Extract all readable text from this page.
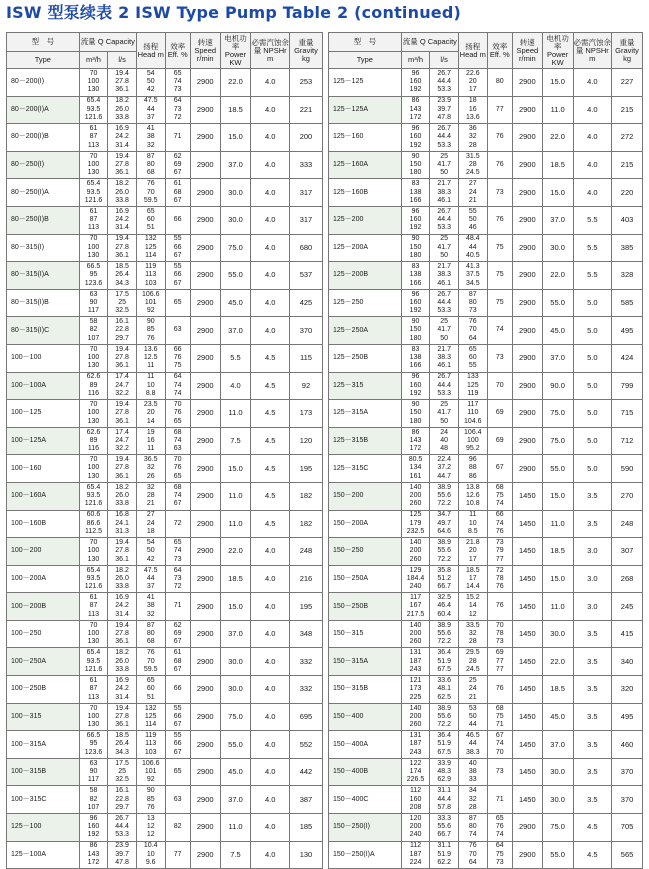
ISW 型泵续表 2 ISW Type Pump Table 2 (continued)
型　号	流量 Q Capacity		扬程 Head m	效率 Eff. %	转速 Speed r/min	电机功率 Power KW	必需汽蚀余量 NPSHr m	重量 Gravity kg
Type	m³/h	l/s						
80－200(I)	70
100
130	19.4
27.8
36.1	54
50
42	65
74
73	2900	22.0	4.0	253
80－200(I)A	65.4
93.5
121.6	18.2
26.0
33.8	47.5
44
37	64
73
72	2900	18.5	4.0	221
80－200(I)B	61
87
113	16.9
24.2
31.4	41
38
32	71	2900	15.0	4.0	200
80－250(I)	70
100
130	19.4
27.8
36.1	87
80
68	62
69
67	2900	37.0	4.0	333
80－250(I)A	65.4
93.5
121.6	18.2
26.0
33.8	76
70
59.5	61
68
67	2900	30.0	4.0	317
80－250(I)B	61
87
113	16.9
24.2
31.4	65
60
51	66	2900	30.0	4.0	317
80－315(I)	70
100
130	19.4
27.8
36.1	132
125
114	55
66
67	2900	75.0	4.0	680
80－315(I)A	66.5
95
123.6	18.5
26.4
34.3	119
113
103	55
66
67	2900	55.0	4.0	537
80－315(I)B	63
90
117	17.5
25
32.5	106.6
101
92	65	2900	45.0	4.0	425
80－315(I)C	58
82
107	16.1
22.8
29.7	90
85
76	63	2900	37.0	4.0	370
100－100	70
100
130	19.4
27.8
36.1	13.6
12.5
11	66
76
75	2900	5.5	4.5	115
100－100A	62.6
89
116	17.4
24.7
32.2	11
10
8.8	64
74
74	2900	4.0	4.5	92
100－125	70
100
130	19.4
27.8
36.1	23.5
20
14	70
76
65	2900	11.0	4.5	173
100－125A	62.6
89
116	17.4
24.7
32.2	19
16
11	68
74
63	2900	7.5	4.5	120
100－160	70
100
130	19.4
27.8
36.1	36.5
32
26	70
76
65	2900	15.0	4.5	195
100－160A	65.4
93.5
121.6	18.2
26.0
33.8	32
28
21	68
74
67	2900	11.0	4.5	182
100－160B	60.6
86.6
112.5	16.8
24.1
31.3	27
24
18	72	2900	11.0	4.5	182
100－200	70
100
130	19.4
27.8
36.1	54
50
42	65
74
73	2900	22.0	4.0	248
100－200A	65.4
93.5
121.6	18.2
26.0
33.8	47.5
44
37	64
73
72	2900	18.5	4.0	216
100－200B	61
87
113	16.9
24.2
31.4	41
38
32	71	2900	15.0	4.0	195
100－250	70
100
130	19.4
27.8
36.1	87
80
68	62
69
67	2900	37.0	4.0	348
100－250A	65.4
93.5
121.6	18.2
26.0
33.8	76
70
59.5	61
68
67	2900	30.0	4.0	332
100－250B	61
87
113	16.9
24.2
31.4	65
60
51	66	2900	30.0	4.0	332
100－315	70
100
130	19.4
27.8
36.1	132
125
114	55
66
67	2900	75.0	4.0	695
100－315A	66.5
95
123.6	18.5
26.4
34.3	119
113
103	55
66
67	2900	55.0	4.0	552
100－315B	63
90
117	17.5
25
32.5	106.6
101
92	65	2900	45.0	4.0	442
100－315C	58
82
107	16.1
22.8
29.7	90
85
76	63	2900	37.0	4.0	387
125－100	96
160
192	26.7
44.4
53.3	13
12
12	82	2900	11.0	4.0	185
125－100A	86
143
172	23.9
39.7
47.8	10.4
10
9.6	77	2900	7.5	4.0	130
型　号	流量 Q Capacity		扬程 Head m	效率 Eff. %	转速 Speed r/min	电机功率 Power KW	必需汽蚀余量 NPSHr m	重量 Gravity kg
Type	m³/h	l/s						
125－125	96
160
192	26.7
44.4
53.3	22.6
20
17	80	2900	15.0	4.0	227
125－125A	86
143
172	23.9
39.7
47.8	18
16
13.6	77	2900	11.0	4.0	215
125－160	96
160
192	26.7
44.4
53.3	36
32
28	76	2900	22.0	4.0	272
125－160A	90
150
180	25
41.7
50	31.5
28
24.5	76	2900	18.5	4.0	215
125－160B	83
138
166	21.7
38.3
46.1	27
24
21	73	2900	15.0	4.0	220
125－200	96
160
192	26.7
44.4
53.3	55
50
46	76	2900	37.0	5.5	403
125－200A	90
150
180	25
41.7
50	48.4
44
40.5	75	2900	30.0	5.5	385
125－200B	83
138
166	21.7
38.3
46.1	41.3
37.5
34.5	75	2900	22.0	5.5	328
125－250	96
160
192	26.7
44.4
53.3	87
80
73	75	2900	55.0	5.0	585
125－250A	90
150
180	25
41.7
50	76
70
64	74	2900	45.0	5.0	495
125－250B	83
138
166	21.7
38.3
46.1	65
60
55	73	2900	37.0	5.0	424
125－315	96
160
192	26.7
44.4
53.3	133
125
119	70	2900	90.0	5.0	799
125－315A	90
150
180	25
41.7
50	117
110
104.6	69	2900	75.0	5.0	715
125－315B	86
143
172	24
40
48	106.4
100
95.2	69	2900	75.0	5.0	712
125－315C	80.5
134
161	22.4
37.2
44.7	96
88
86	67	2900	55.0	5.0	590
150－200	140
200
260	38.9
55.6
72.2	13.8
12.6
10.8	68
75
74	1450	15.0	3.5	270
150－200A	125
179
232.5	34.7
49.7
64.6	11
10
8.5	66
74
76	1450	11.0	3.5	248
150－250	140
200
260	38.9
55.6
72.2	21.8
20
17	73
79
77	1450	18.5	3.0	307
150－250A	129
184.4
240	35.8
51.2
66.7	18.5
17
14.4	72
78
76	1450	15.0	3.0	268
150－250B	117
167
217.5	32.5
46.4
60.4	15.2
14
12	76	1450	11.0	3.0	245
150－315	140
200
260	38.9
55.6
72.2	33.5
32
28	70
78
73	1450	30.0	3.5	415
150－315A	131
187
243	36.4
51.9
67.5	29.5
28
24.5	69
77
77	1450	22.0	3.5	340
150－315B	121
173
225	33.6
48.1
62.5	25
24
21	76	1450	18.5	3.5	320
150－400	140
200
260	38.9
55.6
72.2	53
50
44	68
75
71	1450	45.0	3.5	495
150－400A	131
187
243	36.4
51.9
67.5	46.5
44
38.3	67
74
70	1450	37.0	3.5	460
150－400B	122
174
226.5	33.9
48.3
62.9	40
38
33	73	1450	30.0	3.5	370
150－400C	112
160
208	31.1
44.4
57.8	34
32
28	71	1450	30.0	3.5	370
150－250(I)	120
200
240	33.3
55.6
66.7	87
80
74	65
76
74	2900	75.0	4.5	705
150－250(I)A	112
187
224	31.1
51.9
62.2	76
70
64	64
75
73	2900	55.0	4.5	565
